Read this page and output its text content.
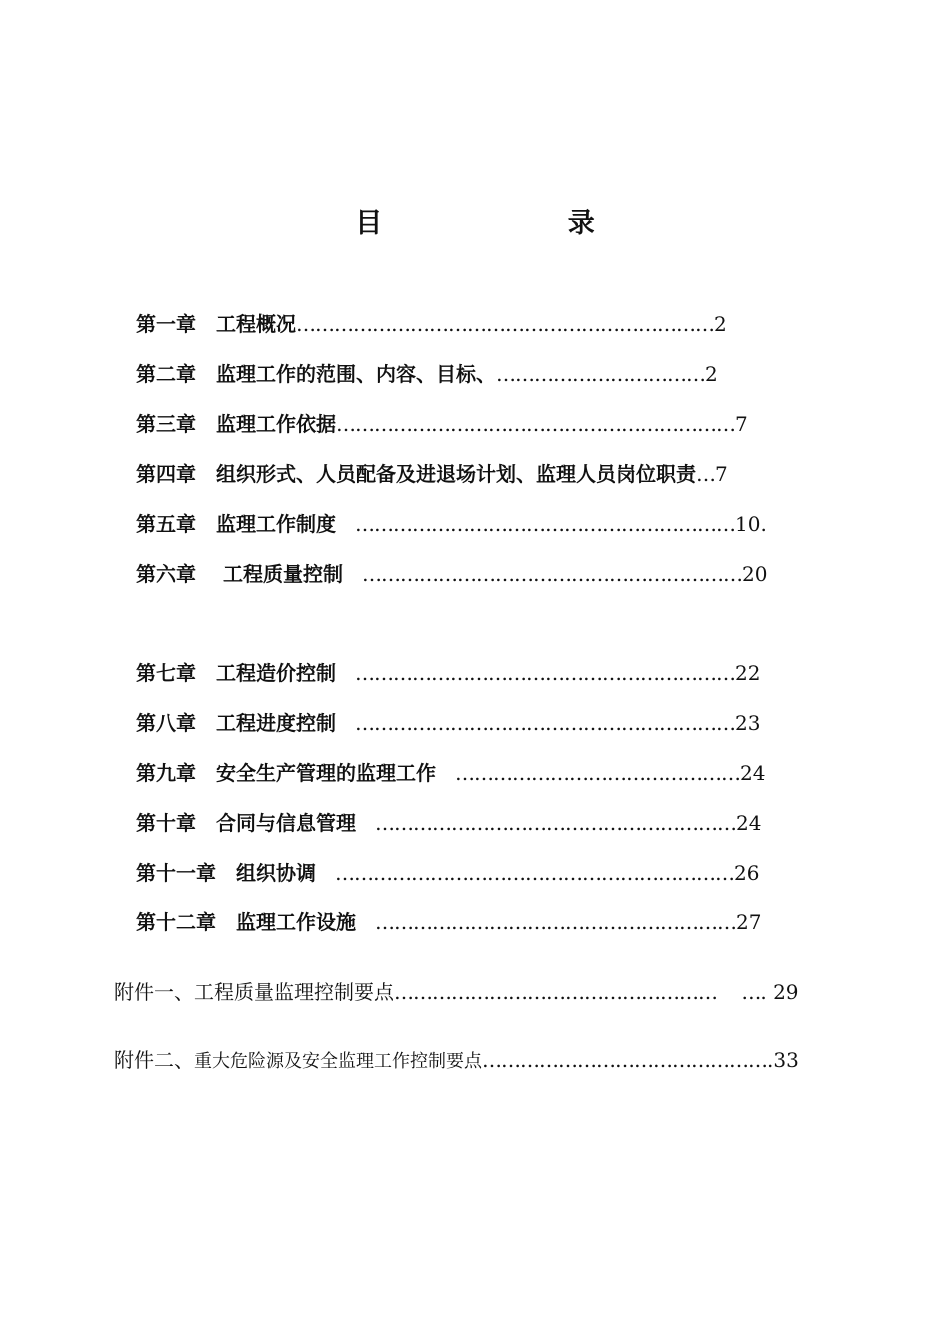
目 录
第一章　工程概况…………………………………………………………2
第二章　监理工作的范围、内容、目标、……………………………2
第三章　监理工作依据………………………………………………………7
第四章　组织形式、人员配备及进退场计划、监理人员岗位职责…7
第五章　监理工作制度　……………………………………………………10.
第六章　 工程质量控制　……………………………………………………20
第七章　工程造价控制　……………………………………………………22
第八章　工程进度控制　……………………………………………………23
第九章　安全生产管理的监理工作　………………………………………24
第十章　合同与信息管理　…………………………………………………24
第十一章　组织协调　………………………………………………………26
第十二章　监理工作设施　…………………………………………………27
附件一、工程质量监理控制要点……………………………………………　 …. 29
附件二、重大危险源及安全监理工作控制要点……………………………………….33
